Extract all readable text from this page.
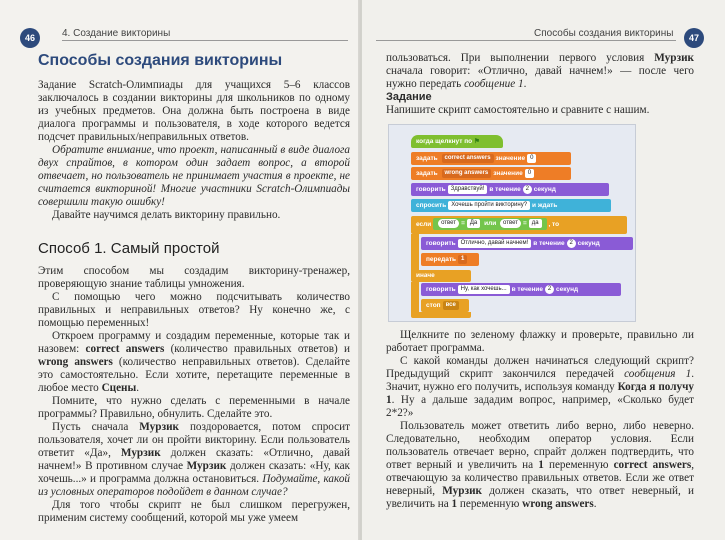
4. Создание викторины
46
Способы создания викторины

Задание Scratch-Олимпиады для учащихся 5–6 классов заключалось в создании викторины для школьников по одному из учебных предметов. Она должна быть построена в виде диалога программы и пользователя, в ходе которого ведется подсчет правильных/неправильных ответов.

Обратите внимание, что проект, написанный в виде диалога двух спрайтов, в котором один задает вопрос, а второй отвечает, но пользователь не принимает участия в проекте, не считается викториной! Многие участники Scratch-Олимпиады совершили такую ошибку!

Давайте научимся делать викторину правильно.

Способ 1. Самый простой

Этим способом мы создадим викторину-тренажер, проверяющую знание таблицы умножения.

С помощью чего можно подсчитывать количество правильных и неправильных ответов? Ну конечно же, с помощью переменных!

Откроем программу и создадим переменные, которые так и назовем: correct answers (количество правильных ответов) и wrong answers (количество неправильных ответов). Сделайте это самостоятельно. Если хотите, перетащите переменные в любое место Сцены.

Помните, что нужно сделать с переменными в начале программы? Правильно, обнулить. Сделайте это.

Пусть сначала Мурзик поздоровается, потом спросит пользователя, хочет ли он пройти викторину. Если пользователь ответит «Да», Мурзик должен сказать: «Отлично, давай начнем!» В противном случае Мурзик должен сказать: «Ну, как хочешь...» и программа должна остановиться. Подумайте, какой из условных операторов подойдет в данном случае?

Для того чтобы скрипт не был слишком перегружен, применим систему сообщений, которой мы уже умеем

Способы создания викторины	47

пользоваться. При выполнении первого условия Мурзик сначала говорит: «Отлично, давай начнем!» — после чего нужно передать сообщение 1.

Задание

Напишите скрипт самостоятельно и сравните с нашим.

Щелкните по зеленому флажку и проверьте, правильно ли работает программа.

С какой команды должен начинаться следующий скрипт? Предыдущий скрипт закончился передачей сообщения 1. Значит, нужно его получить, используя команду Когда я получу 1. Ну а дальше зададим вопрос, например, «Сколько будет 2*2?»

Пользователь может ответить либо верно, либо неверно. Следовательно, необходим оператор условия. Если пользователь отвечает верно, спрайт должен подтвердить, что ответ верный и увеличить на 1 переменную correct answers, отвечающую за количество правильных ответов. Если же ответ неверный, Мурзик должен сказать, что ответ неверный, и увеличить на 1 переменную wrong answers.

когда щелкнут по ⚑
задать correct answers значение 0
задать wrong answers значение 0
говорить Здравствуй! в течение 2 секунд
спросить Хочешь пройти викторину? и ждать
если ответ = Да или ответ = да , то
говорить Отлично, давай начнем! в течение 2 секунд
передать 1
иначе
говорить Ну, как хочешь... в течение 2 секунд
стоп все
